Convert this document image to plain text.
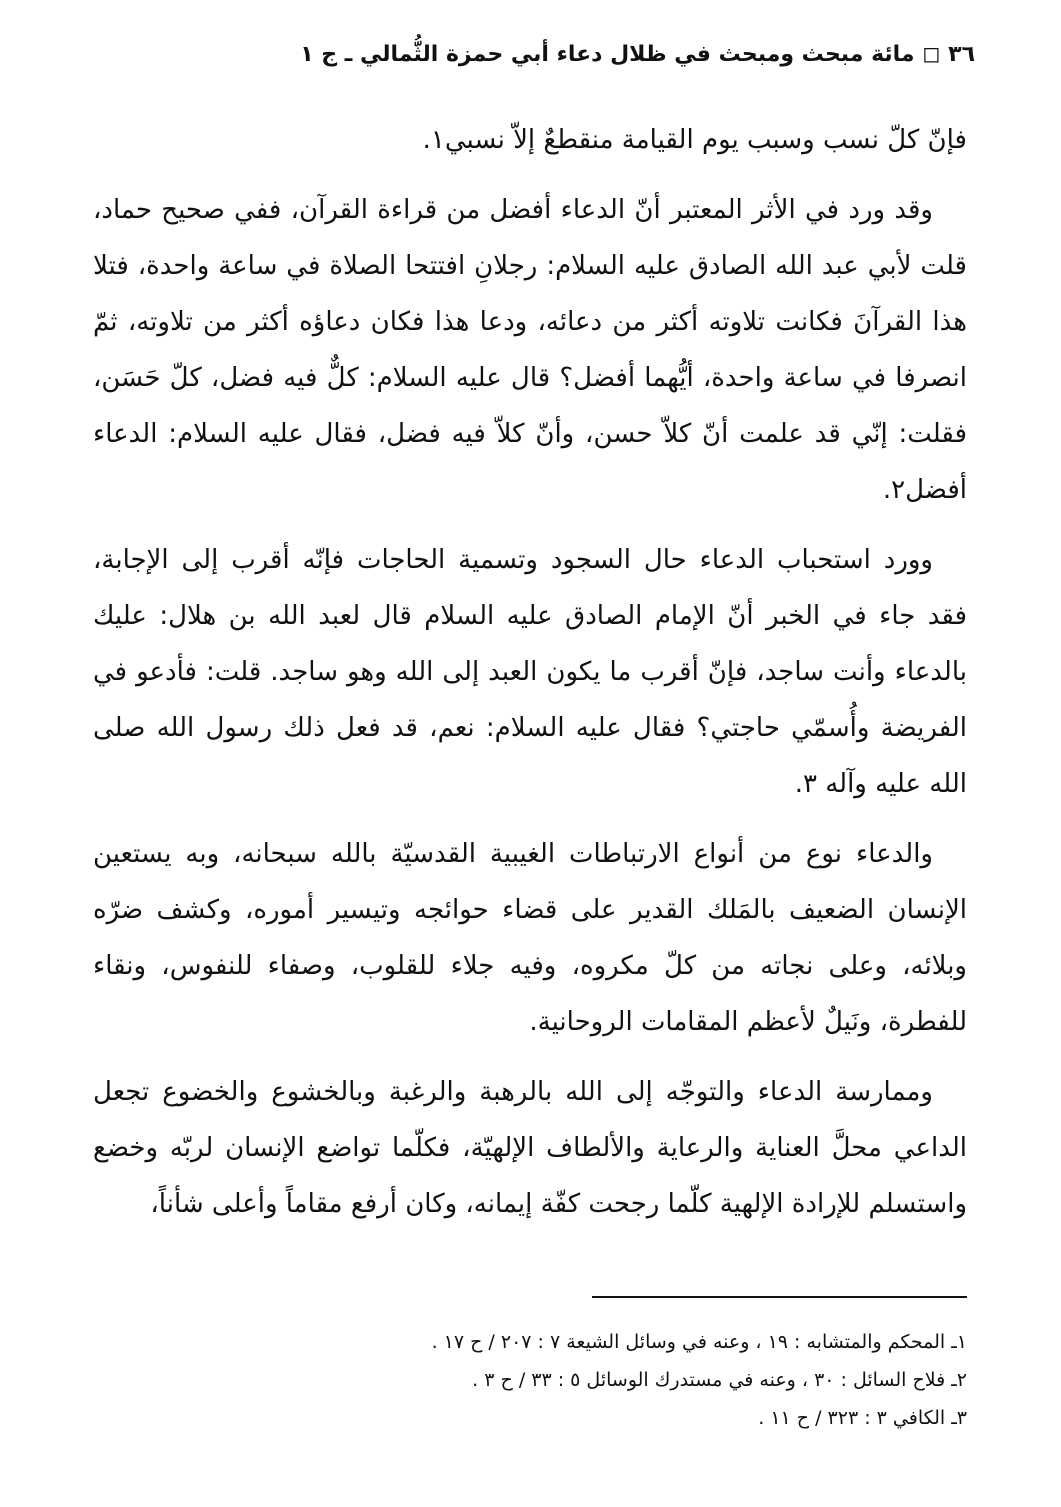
٣٦ ◻ مائة مبحث ومبحث في ظلال دعاء أبي حمزة الثُّمالي ـ ج ١

فإنّ كلّ نسب وسبب يوم القيامة منقطعٌ إلاّ نسبي١.

وقد ورد في الأثر المعتبر أنّ الدعاء أفضل من قراءة القرآن، ففي صحيح حماد، قلت لأبي عبد الله الصادق عليه السلام: رجلانِ افتتحا الصلاة في ساعة واحدة، فتلا هذا القرآنَ فكانت تلاوته أكثر من دعائه، ودعا هذا فكان دعاؤه أكثر من تلاوته، ثمّ انصرفا في ساعة واحدة، أيُّهما أفضل؟ قال عليه السلام: كلٌّ فيه فضل، كلّ حَسَن، فقلت: إنّي قد علمت أنّ كلاّ حسن، وأنّ كلاّ فيه فضل، فقال عليه السلام: الدعاء أفضل٢.

وورد استحباب الدعاء حال السجود وتسمية الحاجات فإنّه أقرب إلى الإجابة، فقد جاء في الخبر أنّ الإمام الصادق عليه السلام قال لعبد الله بن هلال: عليك بالدعاء وأنت ساجد، فإنّ أقرب ما يكون العبد إلى الله وهو ساجد. قلت: فأدعو في الفريضة وأُسمّي حاجتي؟ فقال عليه السلام: نعم، قد فعل ذلك رسول الله صلى الله عليه وآله ٣.

والدعاء نوع من أنواع الارتباطات الغيبية القدسيّة بالله سبحانه، وبه يستعين الإنسان الضعيف بالمَلك القدير على قضاء حوائجه وتيسير أموره، وكشف ضرّه وبلائه، وعلى نجاته من كلّ مكروه، وفيه جلاء للقلوب، وصفاء للنفوس، ونقاء للفطرة، ونَيلٌ لأعظم المقامات الروحانية.

وممارسة الدعاء والتوجّه إلى الله بالرهبة والرغبة وبالخشوع والخضوع تجعل الداعي محلَّ العناية والرعاية والألطاف الإلهيّة، فكلّما تواضع الإنسان لربّه وخضع واستسلم للإرادة الإلهية كلّما رجحت كفّة إيمانه، وكان أرفع مقاماً وأعلى شأناً،

١ـ المحكم والمتشابه : ١٩ ، وعنه في وسائل الشيعة ٧ : ٢٠٧ / ح ١٧ .

٢ـ فلاح السائل : ٣٠ ، وعنه في مستدرك الوسائل ٥ : ٣٣ / ح ٣ .

٣ـ الكافي ٣ : ٣٢٣ / ح ١١ .
